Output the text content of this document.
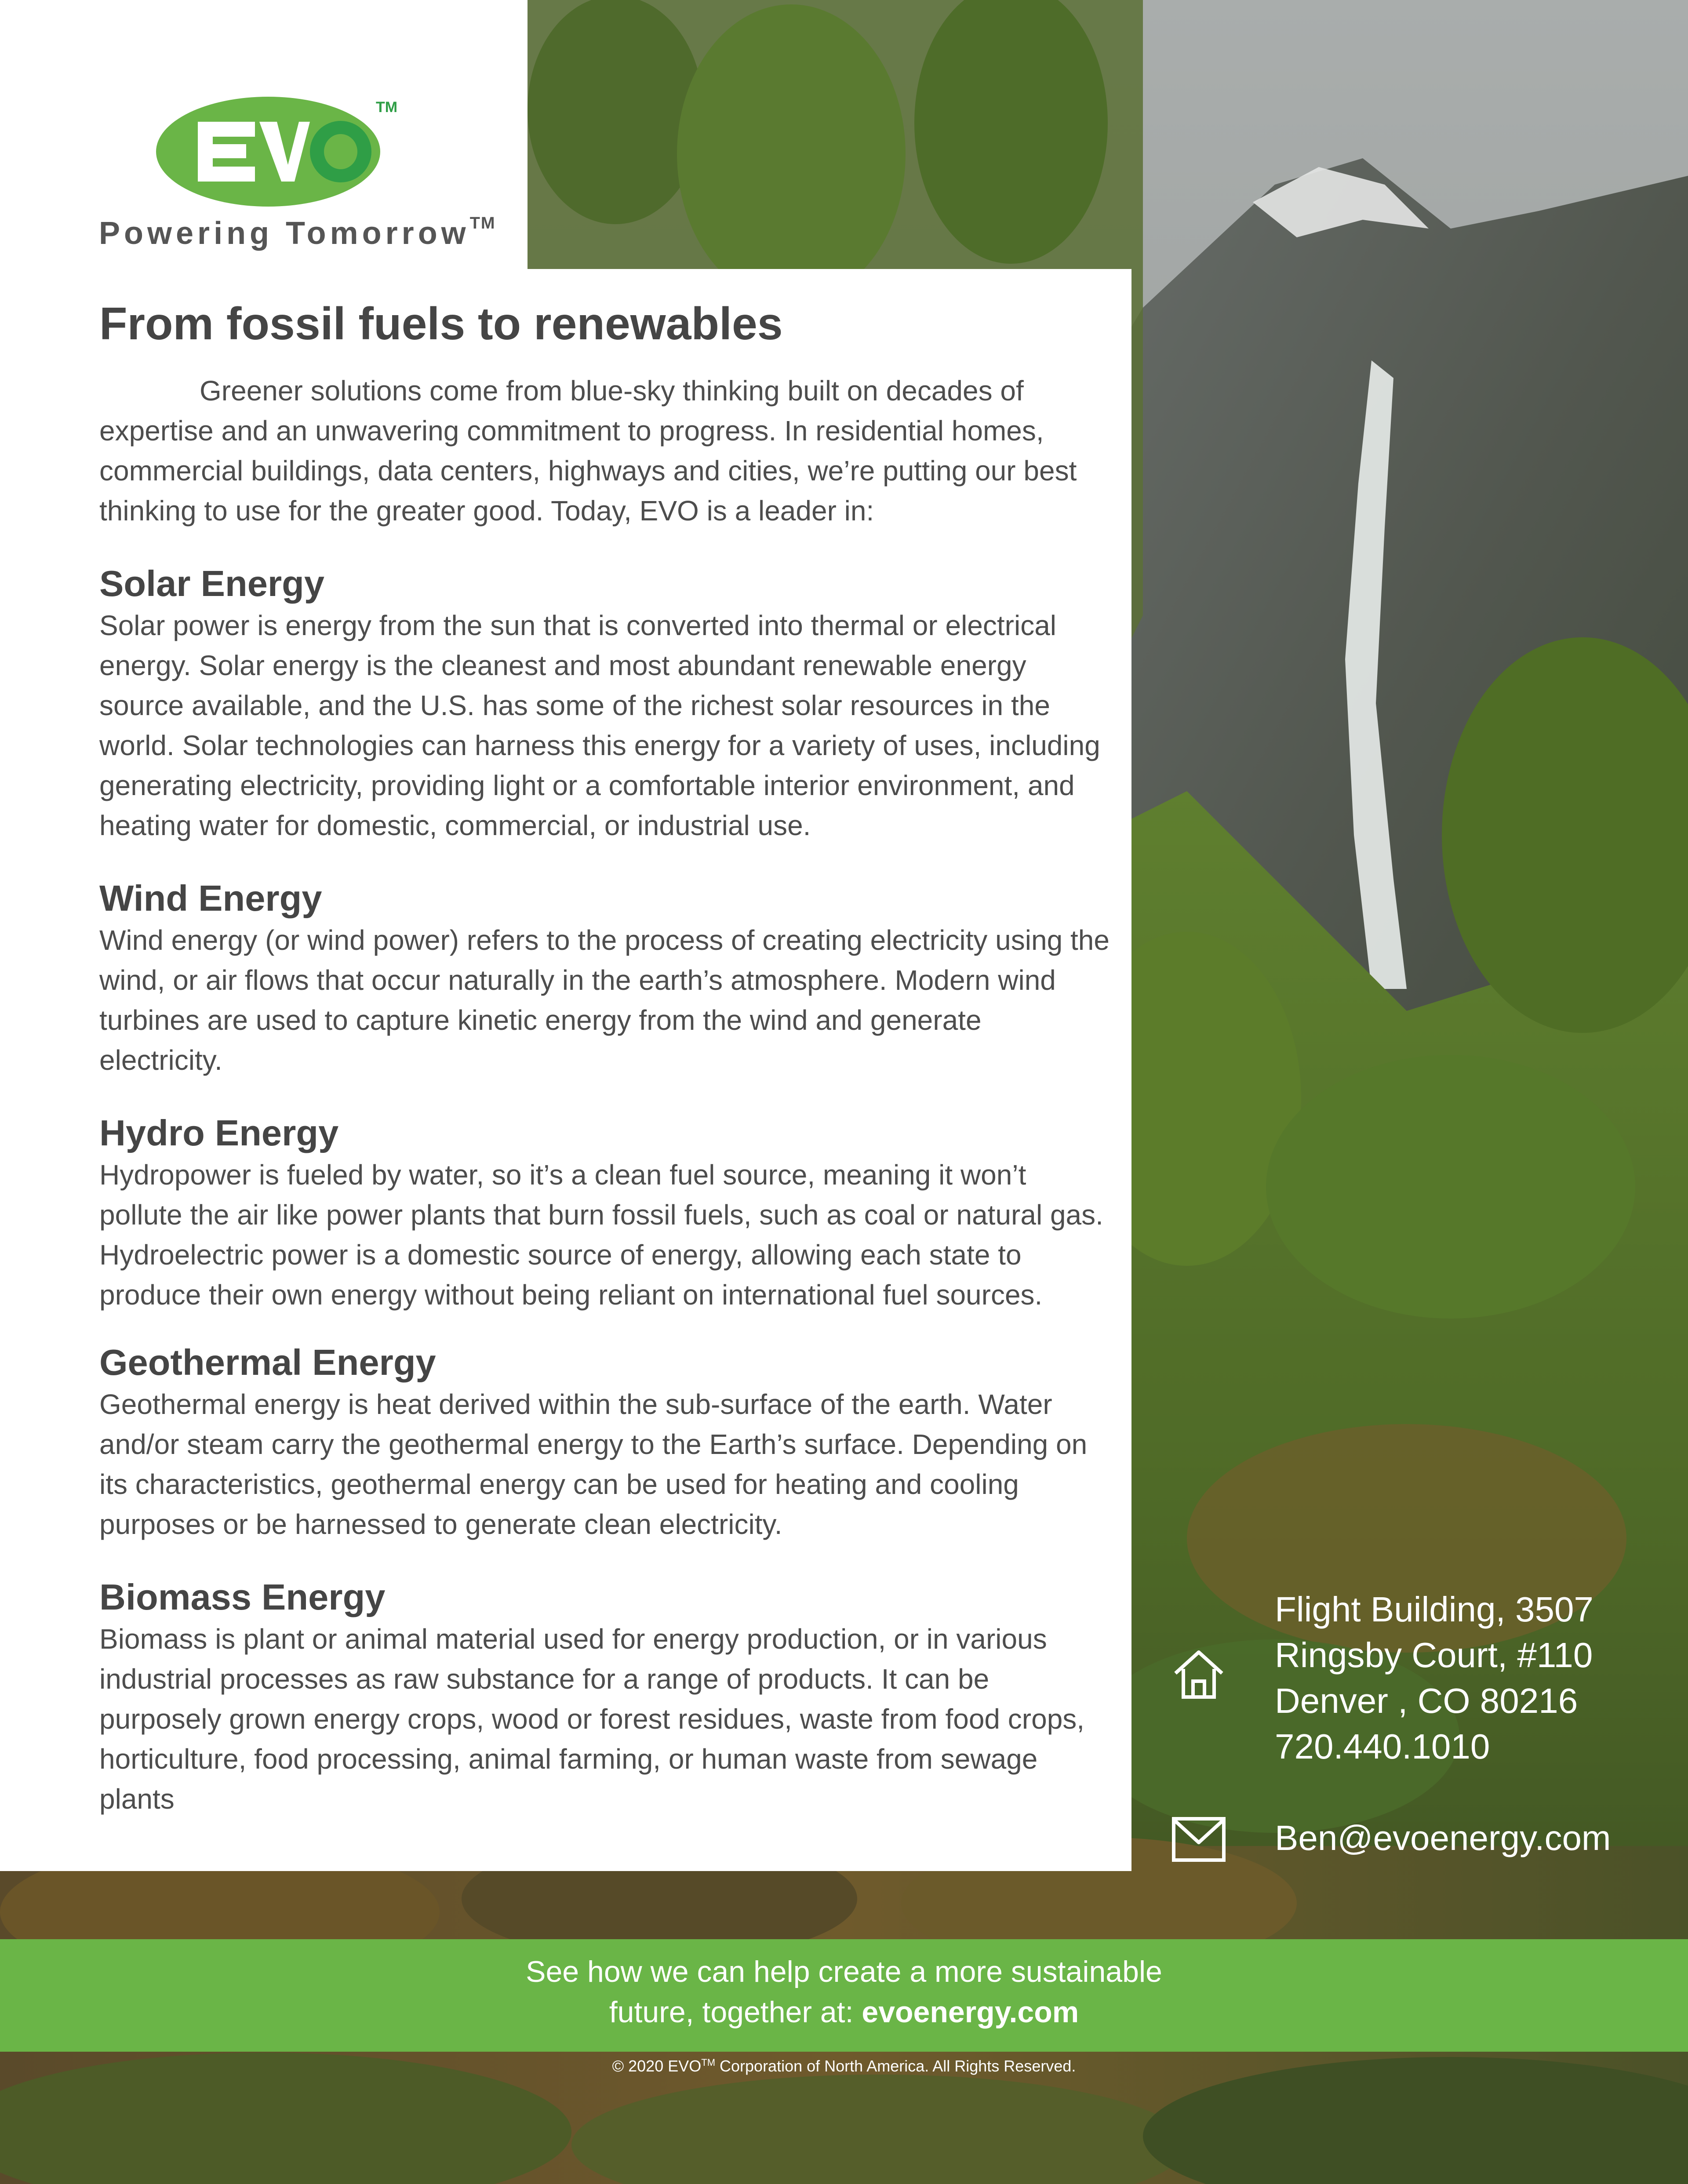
TM
Powering Tomorrow™
From fossil fuels to renewables

Greener solutions come from blue-sky thinking built on decades of expertise and an unwavering commitment to progress. In residential homes, commercial buildings, data centers, highways and cities, we’re putting our best thinking to use for the greater good. Today, EVO is a leader in:

Solar Energy

Solar power is energy from the sun that is converted into thermal or electrical energy. Solar energy is the cleanest and most abundant renewable energy source available, and the U.S. has some of the richest solar resources in the world. Solar technologies can harness this energy for a variety of uses, including generating electricity, providing light or a comfortable interior environment, and heating water for domestic, commercial, or industrial use.

Wind Energy

Wind energy (or wind power) refers to the process of creating electricity using the wind, or air flows that occur naturally in the earth’s atmosphere. Modern wind turbines are used to capture kinetic energy from the wind and generate electricity.

Hydro Energy

Hydropower is fueled by water, so it’s a clean fuel source, meaning it won’t pollute the air like power plants that burn fossil fuels, such as coal or natural gas. Hydroelectric power is a domestic source of energy, allowing each state to produce their own energy without being reliant on international fuel sources.

Geothermal Energy

Geothermal energy is heat derived within the sub-surface of the earth. Water and/or steam carry the geothermal energy to the Earth’s surface. Depending on its characteristics, geothermal energy can be used for heating and cooling purposes or be harnessed to generate clean electricity.

Biomass Energy

Biomass is plant or animal material used for energy production, or in various industrial processes as raw substance for a range of products. It can be purposely grown energy crops, wood or forest residues, waste from food crops, horticulture, food processing, animal farming, or human waste from sewage plants

Flight Building, 3507
Ringsby Court, #110
Denver , CO 80216
720.440.1010
Ben@evoenergy.com
See how we can help create a more sustainable
future, together at: evoenergy.com
© 2020 EVO™ Corporation of North America. All Rights Reserved.
